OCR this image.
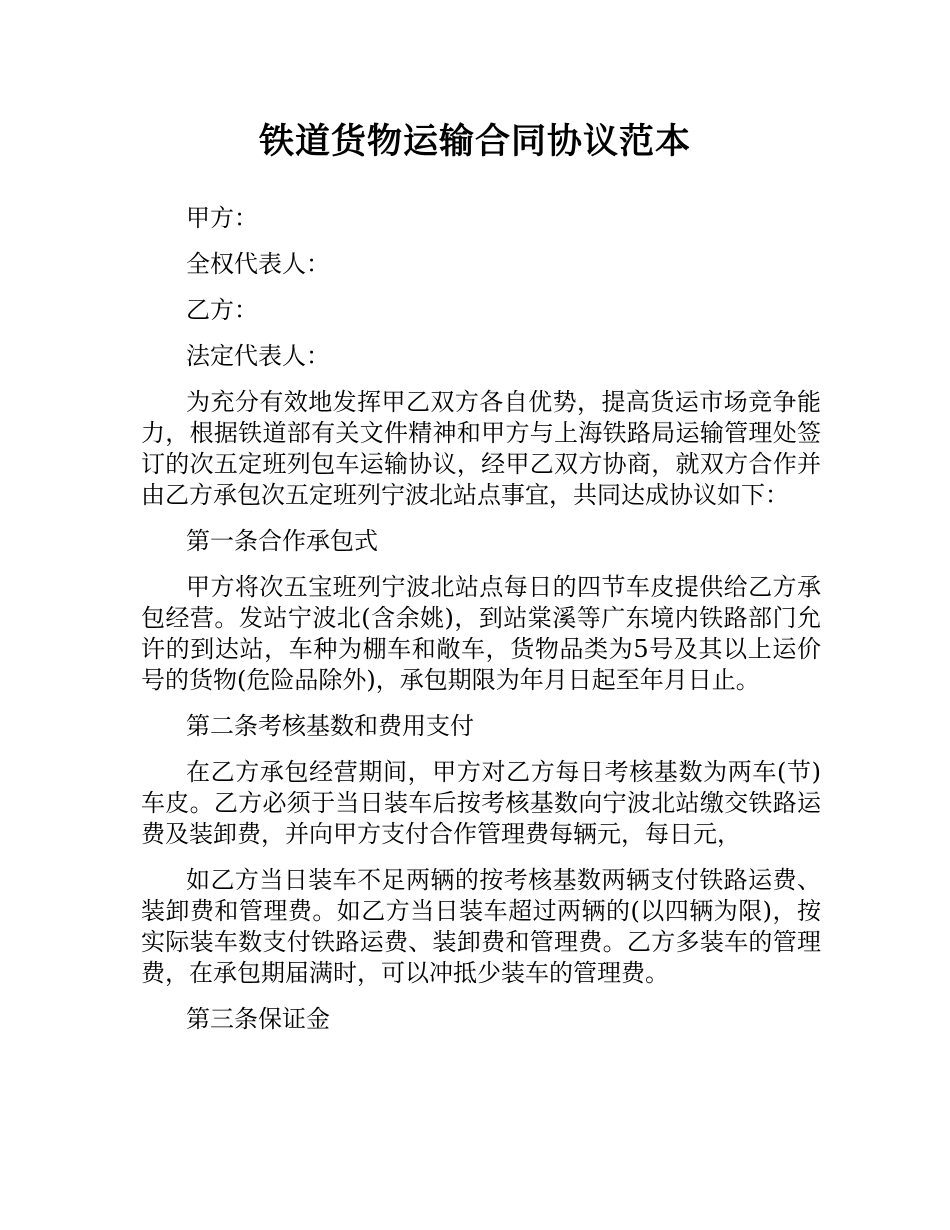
铁道货物运输合同协议范本

甲方：

全权代表人：

乙方：

法定代表人：

为充分有效地发挥甲乙双方各自优势，提高货运市场竞争能力，根据铁道部有关文件精神和甲方与上海铁路局运输管理处签订的次五定班列包车运输协议，经甲乙双方协商，就双方合作并由乙方承包次五定班列宁波北站点事宜，共同达成协议如下：

第一条合作承包式

甲方将次五宝班列宁波北站点每日的四节车皮提供给乙方承包经营。发站宁波北(含余姚)，到站棠溪等广东境内铁路部门允许的到达站，车种为棚车和敞车，货物品类为5号及其以上运价号的货物(危险品除外)，承包期限为年月日起至年月日止。

第二条考核基数和费用支付

在乙方承包经营期间，甲方对乙方每日考核基数为两车(节)车皮。乙方必须于当日装车后按考核基数向宁波北站缴交铁路运费及装卸费，并向甲方支付合作管理费每辆元，每日元，

如乙方当日装车不足两辆的按考核基数两辆支付铁路运费、装卸费和管理费。如乙方当日装车超过两辆的(以四辆为限)，按实际装车数支付铁路运费、装卸费和管理费。乙方多装车的管理费，在承包期届满时，可以冲抵少装车的管理费。

第三条保证金
